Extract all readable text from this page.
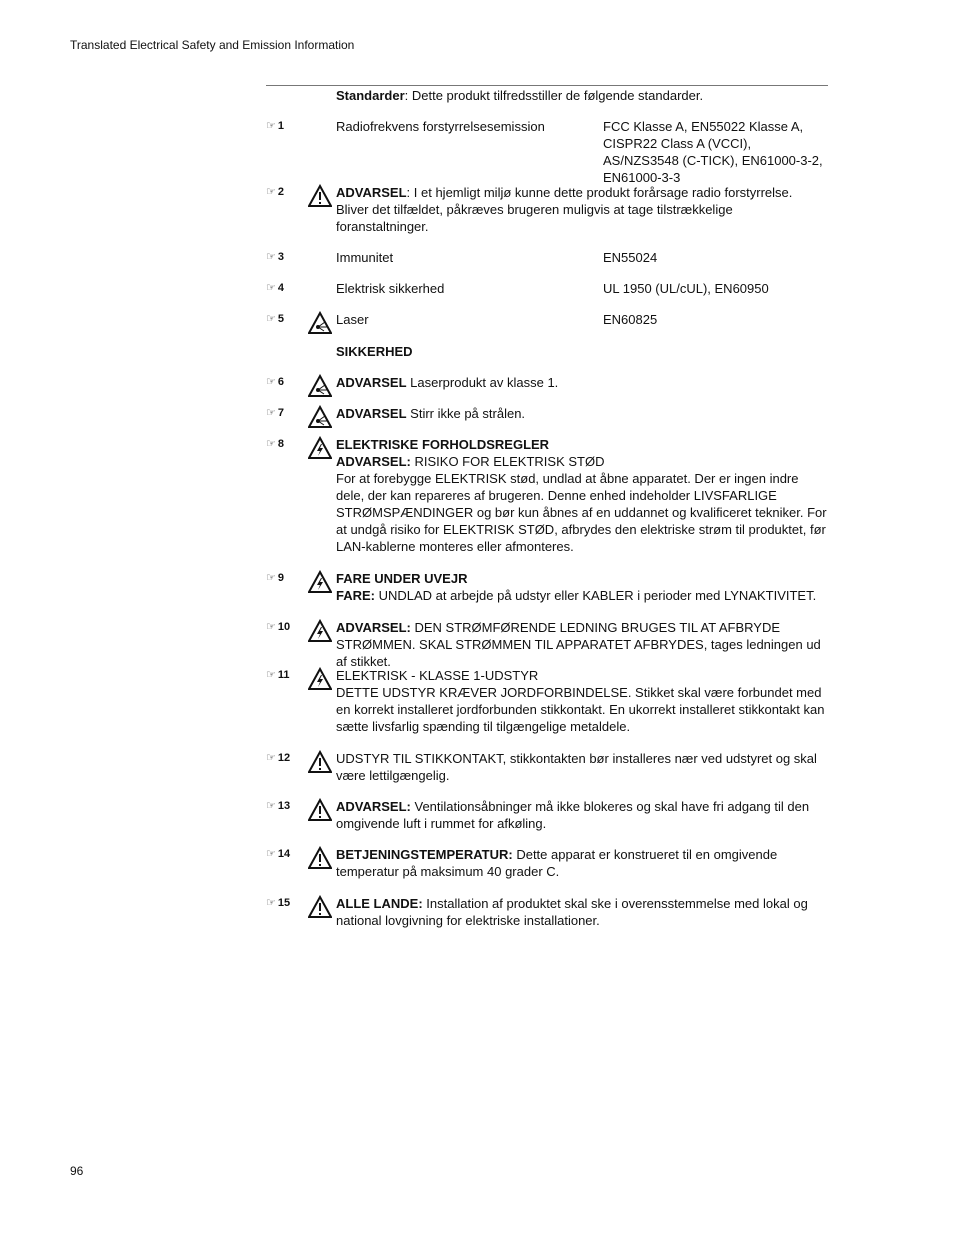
Translated Electrical Safety and Emission Information
Standarder: Dette produkt tilfredsstiller de følgende standarder.
☞ 1	Radiofrekvens forstyrrelsesemission	FCC Klasse A, EN55022 Klasse A, CISPR22 Class A (VCCI), AS/NZS3548 (C-TICK), EN61000-3-2, EN61000-3-3
☞ 2	ADVARSEL: I et hjemligt miljø kunne dette produkt forårsage radio forstyrrelse. Bliver det tilfældet, påkræves brugeren muligvis at tage tilstrækkelige foranstaltninger.
☞ 3	Immunitet	EN55024
☞ 4	Elektrisk sikkerhed	UL 1950 (UL/cUL), EN60950
☞ 5	Laser	EN60825
SIKKERHED
☞ 6	ADVARSEL Laserprodukt av klasse 1.
☞ 7	ADVARSEL Stirr ikke på strålen.
☞ 8	ELEKTRISKE FORHOLDSREGLER
ADVARSEL: RISIKO FOR ELEKTRISK STØD
For at forebygge ELEKTRISK stød, undlad at åbne apparatet. Der er ingen indre dele, der kan repareres af brugeren. Denne enhed indeholder LIVSFARLIGE STRØMSPÆNDINGER og bør kun åbnes af en uddannet og kvalificeret tekniker. For at undgå risiko for ELEKTRISK STØD, afbrydes den elektriske strøm til produktet, før LAN-kablerne monteres eller afmonteres.
☞ 9	FARE UNDER UVEJR
FARE: UNDLAD at arbejde på udstyr eller KABLER i perioder med LYNAKTIVITET.
☞ 10	ADVARSEL: DEN STRØMFØRENDE LEDNING BRUGES TIL AT AFBRYDE STRØMMEN. SKAL STRØMMEN TIL APPARATET AFBRYDES, tages ledningen ud af stikket.
☞ 11	ELEKTRISK - KLASSE 1-UDSTYR
DETTE UDSTYR KRÆVER JORDFORBINDELSE. Stikket skal være forbundet med en korrekt installeret jordforbunden stikkontakt. En ukorrekt installeret stikkontakt kan sætte livsfarlig spænding til tilgængelige metaldele.
☞ 12	UDSTYR TIL STIKKONTAKT, stikkontakten bør installeres nær ved udstyret og skal være lettilgængelig.
☞ 13	ADVARSEL: Ventilationsåbninger må ikke blokeres og skal have fri adgang til den omgivende luft i rummet for afkøling.
☞ 14	BETJENINGSTEMPERATUR: Dette apparat er konstrueret til en omgivende temperatur på maksimum 40 grader C.
☞ 15	ALLE LANDE: Installation af produktet skal ske i overensstemmelse med lokal og national lovgivning for elektriske installationer.
96
